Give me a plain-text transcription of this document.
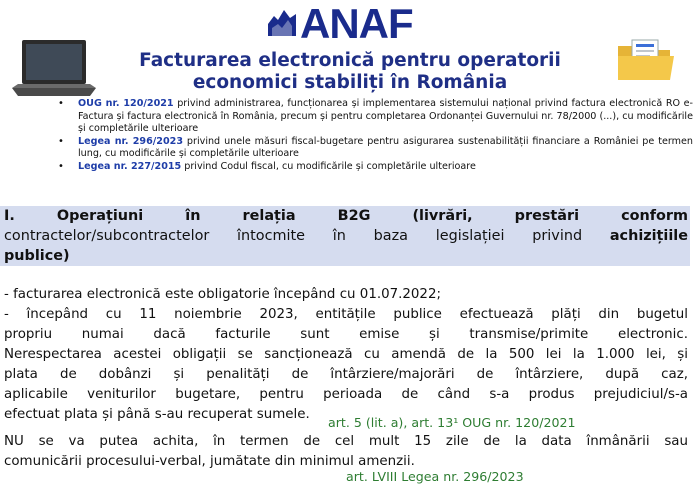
ANAF
Facturarea electronică pentru operatorii
economici stabiliți în România
• OUG nr. 120/2021 privind administrarea, funcționarea și implementarea sistemului național privind factura electronică RO e-Factura și factura electronică în România, precum și pentru completarea Ordonanței Guvernului nr. 78/2000 (...), cu modificările și completările ulterioare
• Legea nr. 296/2023 privind unele măsuri fiscal-bugetare pentru asigurarea sustenabilității financiare a României pe termen lung, cu modificările și completările ulterioare
• Legea nr. 227/2015 privind Codul fiscal, cu modificările și completările ulterioare
I. Operațiuni în relația B2G (livrări, prestări conform
contractelor/subcontractelor întocmite în baza legislației privind achizițiile
publice)
- facturarea electronică este obligatorie începând cu 01.07.2022;
- începând cu 11 noiembrie 2023, entitățile publice efectuează plăți din bugetul
propriu numai dacă facturile sunt emise și transmise/primite electronic.
Nerespectarea acestei obligații se sancționează cu amendă de la 500 lei la 1.000 lei, și
plata de dobânzi și penalități de întârziere/majorări de întârziere, după caz,
aplicabile veniturilor bugetare, pentru perioada de când s-a produs prejudiciul/s-a
efectuat plata și până s-au recuperat sumele.
art. 5 (lit. a), art. 13¹ OUG nr. 120/2021
NU se va putea achita, în termen de cel mult 15 zile de la data înmânării sau
comunicării procesului-verbal, jumătate din minimul amenzii.
art. LVIII Legea nr. 296/2023
